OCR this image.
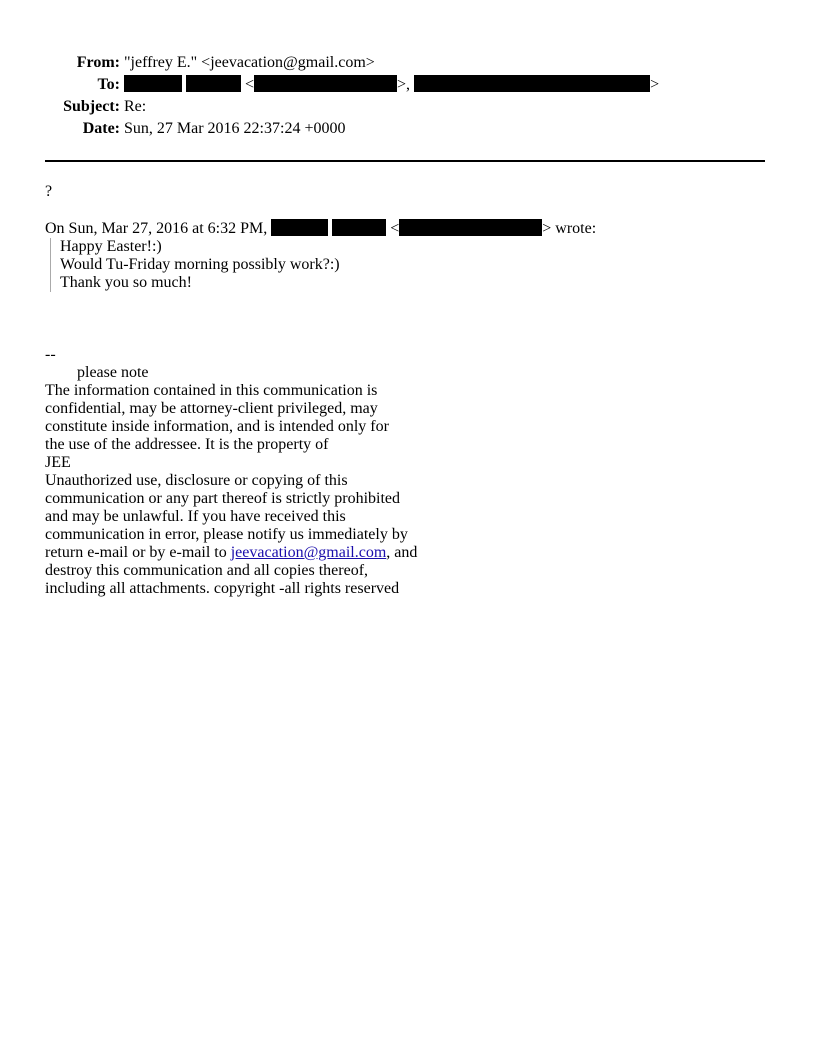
From: "jeffrey E." <jeevacation@gmail.com>
To:	<	>,	>
Subject: Re:
Date: Sun, 27 Mar 2016 22:37:24 +0000
?
On Sun, Mar 27, 2016 at 6:32 PM,	<	> wrote:
Happy Easter!:)
Would Tu-Friday morning possibly work?:)
Thank you so much!
--
please note
The information contained in this communication is
confidential, may be attorney-client privileged, may
constitute inside information, and is intended only for
the use of the addressee. It is the property of
JEE
Unauthorized use, disclosure or copying of this
communication or any part thereof is strictly prohibited
and may be unlawful. If you have received this
communication in error, please notify us immediately by
return e-mail or by e-mail to jeevacation@gmail.com, and
destroy this communication and all copies thereof,
including all attachments. copyright -all rights reserved
